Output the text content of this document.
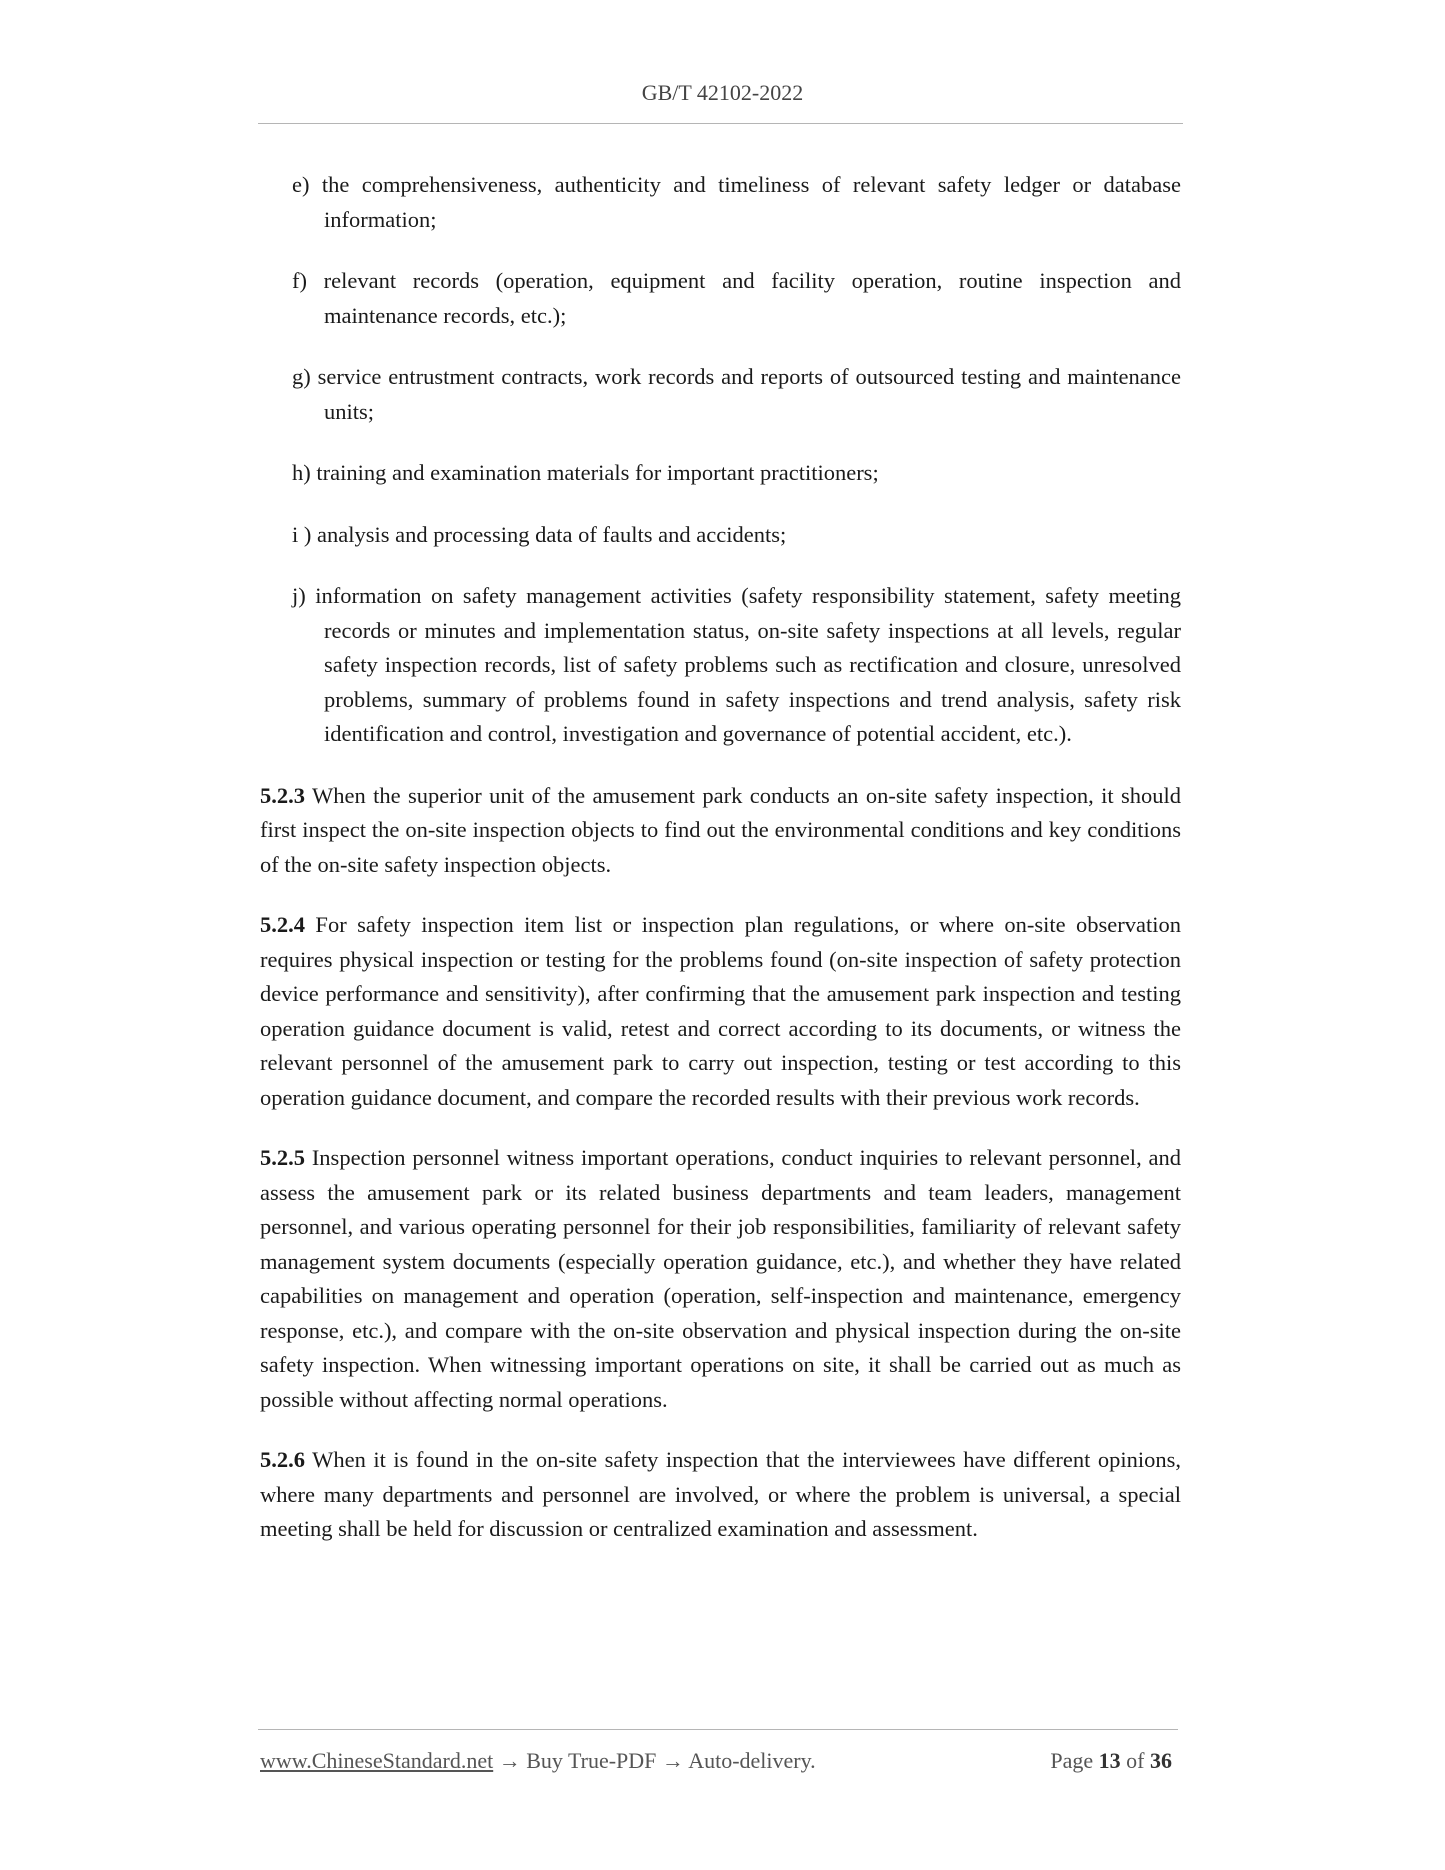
GB/T 42102-2022

e) the comprehensiveness, authenticity and timeliness of relevant safety ledger or database information;

f) relevant records (operation, equipment and facility operation, routine inspection and maintenance records, etc.);

g) service entrustment contracts, work records and reports of outsourced testing and maintenance units;

h) training and examination materials for important practitioners;

i ) analysis and processing data of faults and accidents;

j) information on safety management activities (safety responsibility statement, safety meeting records or minutes and implementation status, on-site safety inspections at all levels, regular safety inspection records, list of safety problems such as rectification and closure, unresolved problems, summary of problems found in safety inspections and trend analysis, safety risk identification and control, investigation and governance of potential accident, etc.).

5.2.3 When the superior unit of the amusement park conducts an on-site safety inspection, it should first inspect the on-site inspection objects to find out the environmental conditions and key conditions of the on-site safety inspection objects.

5.2.4 For safety inspection item list or inspection plan regulations, or where on-site observation requires physical inspection or testing for the problems found (on-site inspection of safety protection device performance and sensitivity), after confirming that the amusement park inspection and testing operation guidance document is valid, retest and correct according to its documents, or witness the relevant personnel of the amusement park to carry out inspection, testing or test according to this operation guidance document, and compare the recorded results with their previous work records.

5.2.5 Inspection personnel witness important operations, conduct inquiries to relevant personnel, and assess the amusement park or its related business departments and team leaders, management personnel, and various operating personnel for their job responsibilities, familiarity of relevant safety management system documents (especially operation guidance, etc.), and whether they have related capabilities on management and operation (operation, self-inspection and maintenance, emergency response, etc.), and compare with the on-site observation and physical inspection during the on-site safety inspection. When witnessing important operations on site, it shall be carried out as much as possible without affecting normal operations.

5.2.6 When it is found in the on-site safety inspection that the interviewees have different opinions, where many departments and personnel are involved, or where the problem is universal, a special meeting shall be held for discussion or centralized examination and assessment.

www.ChineseStandard.net → Buy True-PDF → Auto-delivery.	Page 13 of 36
